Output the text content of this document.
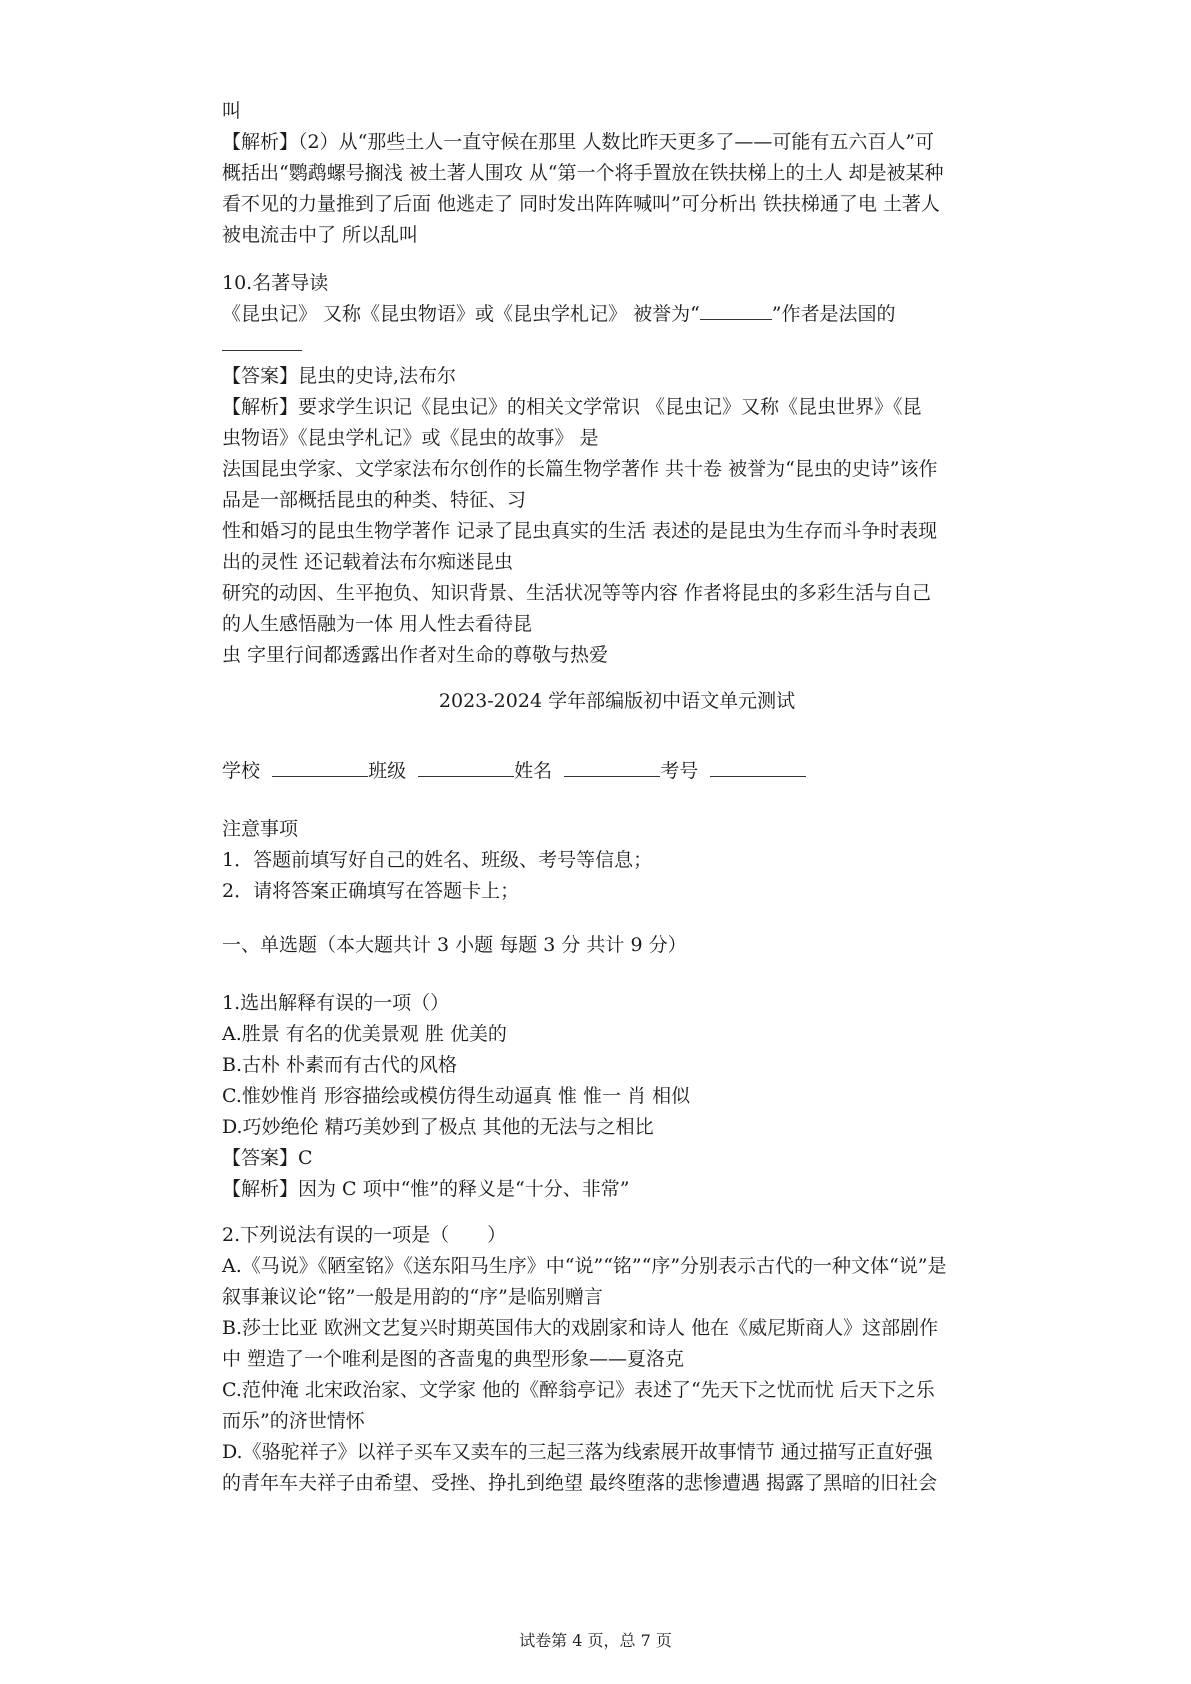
叫
【解析】（2）从“那些土人一直守候在那里 人数比昨天更多了——可能有五六百人”可
概括出“鹦鹉螺号搁浅 被土著人围攻 从“第一个将手置放在铁扶梯上的土人 却是被某种
看不见的力量推到了后面 他逃走了 同时发出阵阵喊叫”可分析出 铁扶梯通了电 土著人
被电流击中了 所以乱叫
10.名著导读
《昆虫记》 又称《昆虫物语》或《昆虫学札记》 被誉为“	”作者是法国的
【答案】昆虫的史诗,法布尔
【解析】要求学生识记《昆虫记》的相关文学常识 《昆虫记》又称《昆虫世界》《昆
虫物语》《昆虫学札记》或《昆虫的故事》 是
法国昆虫学家、文学家法布尔创作的长篇生物学著作 共十卷 被誉为“昆虫的史诗”该作
品是一部概括昆虫的种类、特征、习
性和婚习的昆虫生物学著作 记录了昆虫真实的生活 表述的是昆虫为生存而斗争时表现
出的灵性 还记载着法布尔痴迷昆虫
研究的动因、生平抱负、知识背景、生活状况等等内容 作者将昆虫的多彩生活与自己
的人生感悟融为一体 用人性去看待昆
虫 字里行间都透露出作者对生命的尊敬与热爱
2023-2024 学年部编版初中语文单元测试
学校	班级	姓名	考号
注意事项
1．答题前填写好自己的姓名、班级、考号等信息；
2．请将答案正确填写在答题卡上；
一、单选题（本大题共计 3 小题 每题 3 分 共计 9 分）
1.选出解释有误的一项（）
A.胜景 有名的优美景观 胜 优美的
B.古朴 朴素而有古代的风格
C.惟妙惟肖 形容描绘或模仿得生动逼真 惟 惟一 肖 相似
D.巧妙绝伦 精巧美妙到了极点 其他的无法与之相比
【答案】C
【解析】因为 C 项中“惟”的释义是“十分、非常”
2.下列说法有误的一项是（　　）
A.《马说》《陋室铭》《送东阳马生序》中“说”“铭”“序”分别表示古代的一种文体“说”是
叙事兼议论“铭”一般是用韵的“序”是临别赠言
B.莎士比亚 欧洲文艺复兴时期英国伟大的戏剧家和诗人 他在《威尼斯商人》这部剧作
中 塑造了一个唯利是图的吝啬鬼的典型形象——夏洛克
C.范仲淹 北宋政治家、文学家 他的《醉翁亭记》表述了“先天下之忧而忧 后天下之乐
而乐”的济世情怀
D.《骆驼祥子》以祥子买车又卖车的三起三落为线索展开故事情节 通过描写正直好强
的青年车夫祥子由希望、受挫、挣扎到绝望 最终堕落的悲惨遭遇 揭露了黑暗的旧社会
试卷第 4 页，总 7 页
